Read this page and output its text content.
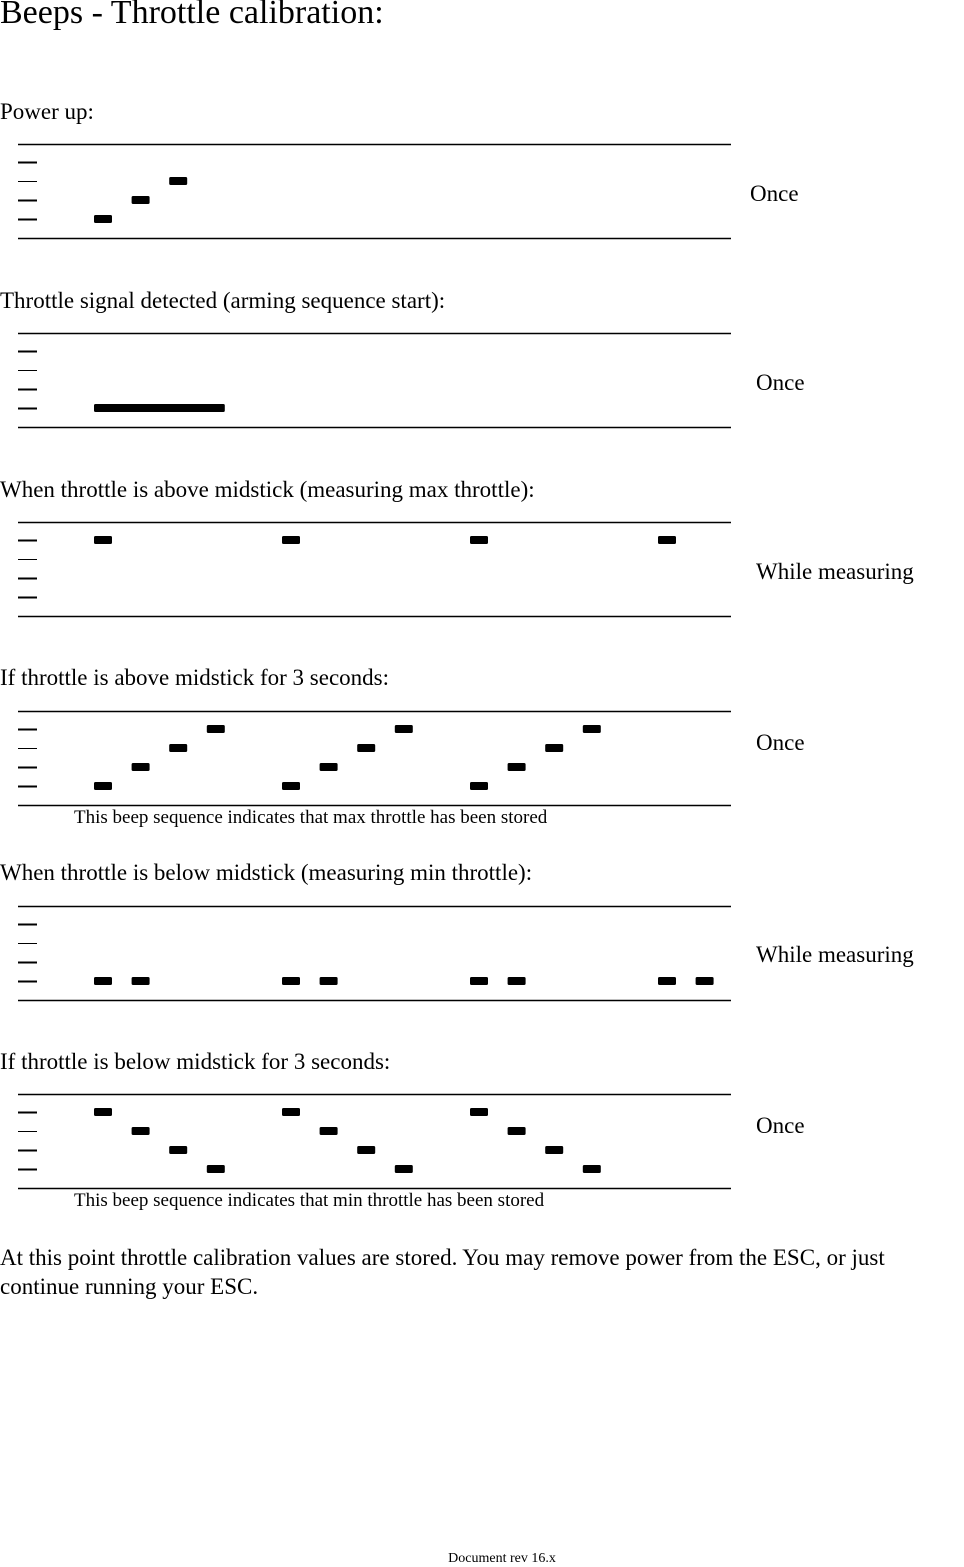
Beeps - Throttle calibration:
Power up:
Once
Throttle signal detected (arming sequence start):
Once
When throttle is above midstick (measuring max throttle):
While measuring
If throttle is above midstick for 3 seconds:
Once
This beep sequence indicates that max throttle has been stored
When throttle is below midstick (measuring min throttle):
While measuring
If throttle is below midstick for 3 seconds:
Once
This beep sequence indicates that min throttle has been stored
At this point throttle calibration values are stored. You may remove power from the ESC, or just continue running your ESC.
Document rev 16.x
